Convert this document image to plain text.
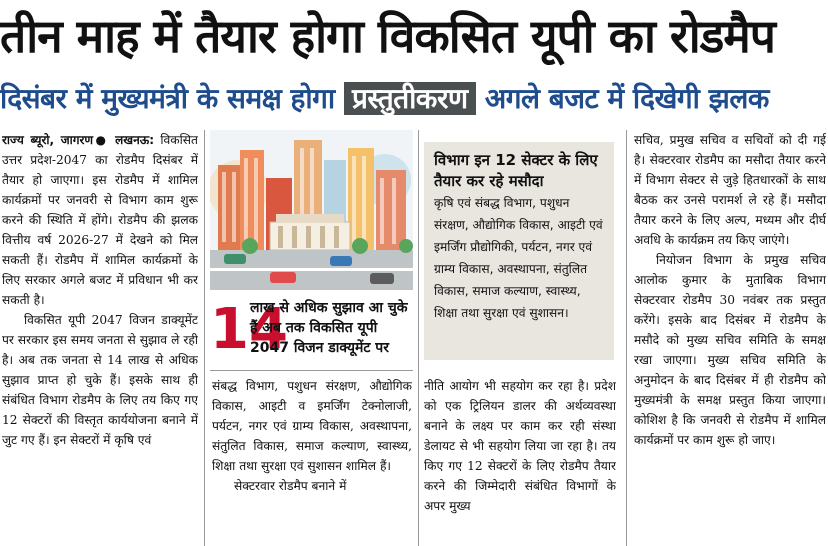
तीन माह में तैयार होगा विकसित यूपी का रोडमैप
दिसंबर में मुख्यमंत्री के समक्ष होगा प्रस्तुतीकरण अगले बजट में दिखेगी झलक

राज्य ब्यूरो, जागरण● लखनऊ: विकसित उत्तर प्रदेश-2047 का रोडमैप दिसंबर में तैयार हो जाएगा। इस रोडमैप में शामिल कार्यक्रमों पर जनवरी से विभाग काम शुरू करने की स्थिति में होंगे। रोडमैप की झलक वित्तीय वर्ष 2026-27 में देखने को मिल सकती हैं। रोडमैप में शामिल कार्यक्रमों के लिए सरकार अगले बजट में प्रविधान भी कर सकती है।

विकसित यूपी 2047 विजन डाक्यूमेंट पर सरकार इस समय जनता से सुझाव ले रही है। अब तक जनता से 14 लाख से अधिक सुझाव प्राप्त हो चुके हैं। इसके साथ ही संबंधित विभाग रोडमैप के लिए तय किए गए 12 सेक्टरों की विस्तृत कार्ययोजना बनाने में जुट गए हैं। इन सेक्टरों में कृषि एवं

14
लाख से अधिक सुझाव आ चुके हैं अब तक विकसित यूपी 2047 विजन डाक्यूमेंट पर

संबद्ध विभाग, पशुधन संरक्षण, औद्योगिक विकास, आइटी व इमर्जिंग टेक्नोलाजी, पर्यटन, नगर एवं ग्राम्य विकास, अवस्थापना, संतुलित विकास, समाज कल्याण, स्वास्थ्य, शिक्षा तथा सुरक्षा एवं सुशासन शामिल हैं।

सेक्टरवार रोडमैप बनाने में

विभाग इन 12 सेक्टर के लिए तैयार कर रहे मसौदा
कृषि एवं संबद्ध विभाग, पशुधन संरक्षण, औद्योगिक विकास, आइटी एवं इमर्जिंग प्रौद्योगिकी, पर्यटन, नगर एवं ग्राम्य विकास, अवस्थापना, संतुलित विकास, समाज कल्याण, स्वास्थ्य, शिक्षा तथा सुरक्षा एवं सुशासन।

नीति आयोग भी सहयोग कर रहा है। प्रदेश को एक ट्रिलियन डालर की अर्थव्यवस्था बनाने के लक्ष्य पर काम कर रही संस्था डेलायट से भी सहयोग लिया जा रहा है। तय किए गए 12 सेक्टरों के लिए रोडमैप तैयार करने की जिम्मेदारी संबंधित विभागों के अपर मुख्य

सचिव, प्रमुख सचिव व सचिवों को दी गई है। सेक्टरवार रोडमैप का मसौदा तैयार करने में विभाग सेक्टर से जुड़े हितधारकों के साथ बैठक कर उनसे परामर्श ले रहे हैं। मसौदा तैयार करने के लिए अल्प, मध्यम और दीर्घ अवधि के कार्यक्रम तय किए जाएंगे।

नियोजन विभाग के प्रमुख सचिव आलोक कुमार के मुताबिक विभाग सेक्टरवार रोडमैप 30 नवंबर तक प्रस्तुत करेंगे। इसके बाद दिसंबर में रोडमैप के मसौदे को मुख्य सचिव समिति के समक्ष रखा जाएगा। मुख्य सचिव समिति के अनुमोदन के बाद दिसंबर में ही रोडमैप को मुख्यमंत्री के समक्ष प्रस्तुत किया जाएगा। कोशिश है कि जनवरी से रोडमैप में शामिल कार्यक्रमों पर काम शुरू हो जाए।
